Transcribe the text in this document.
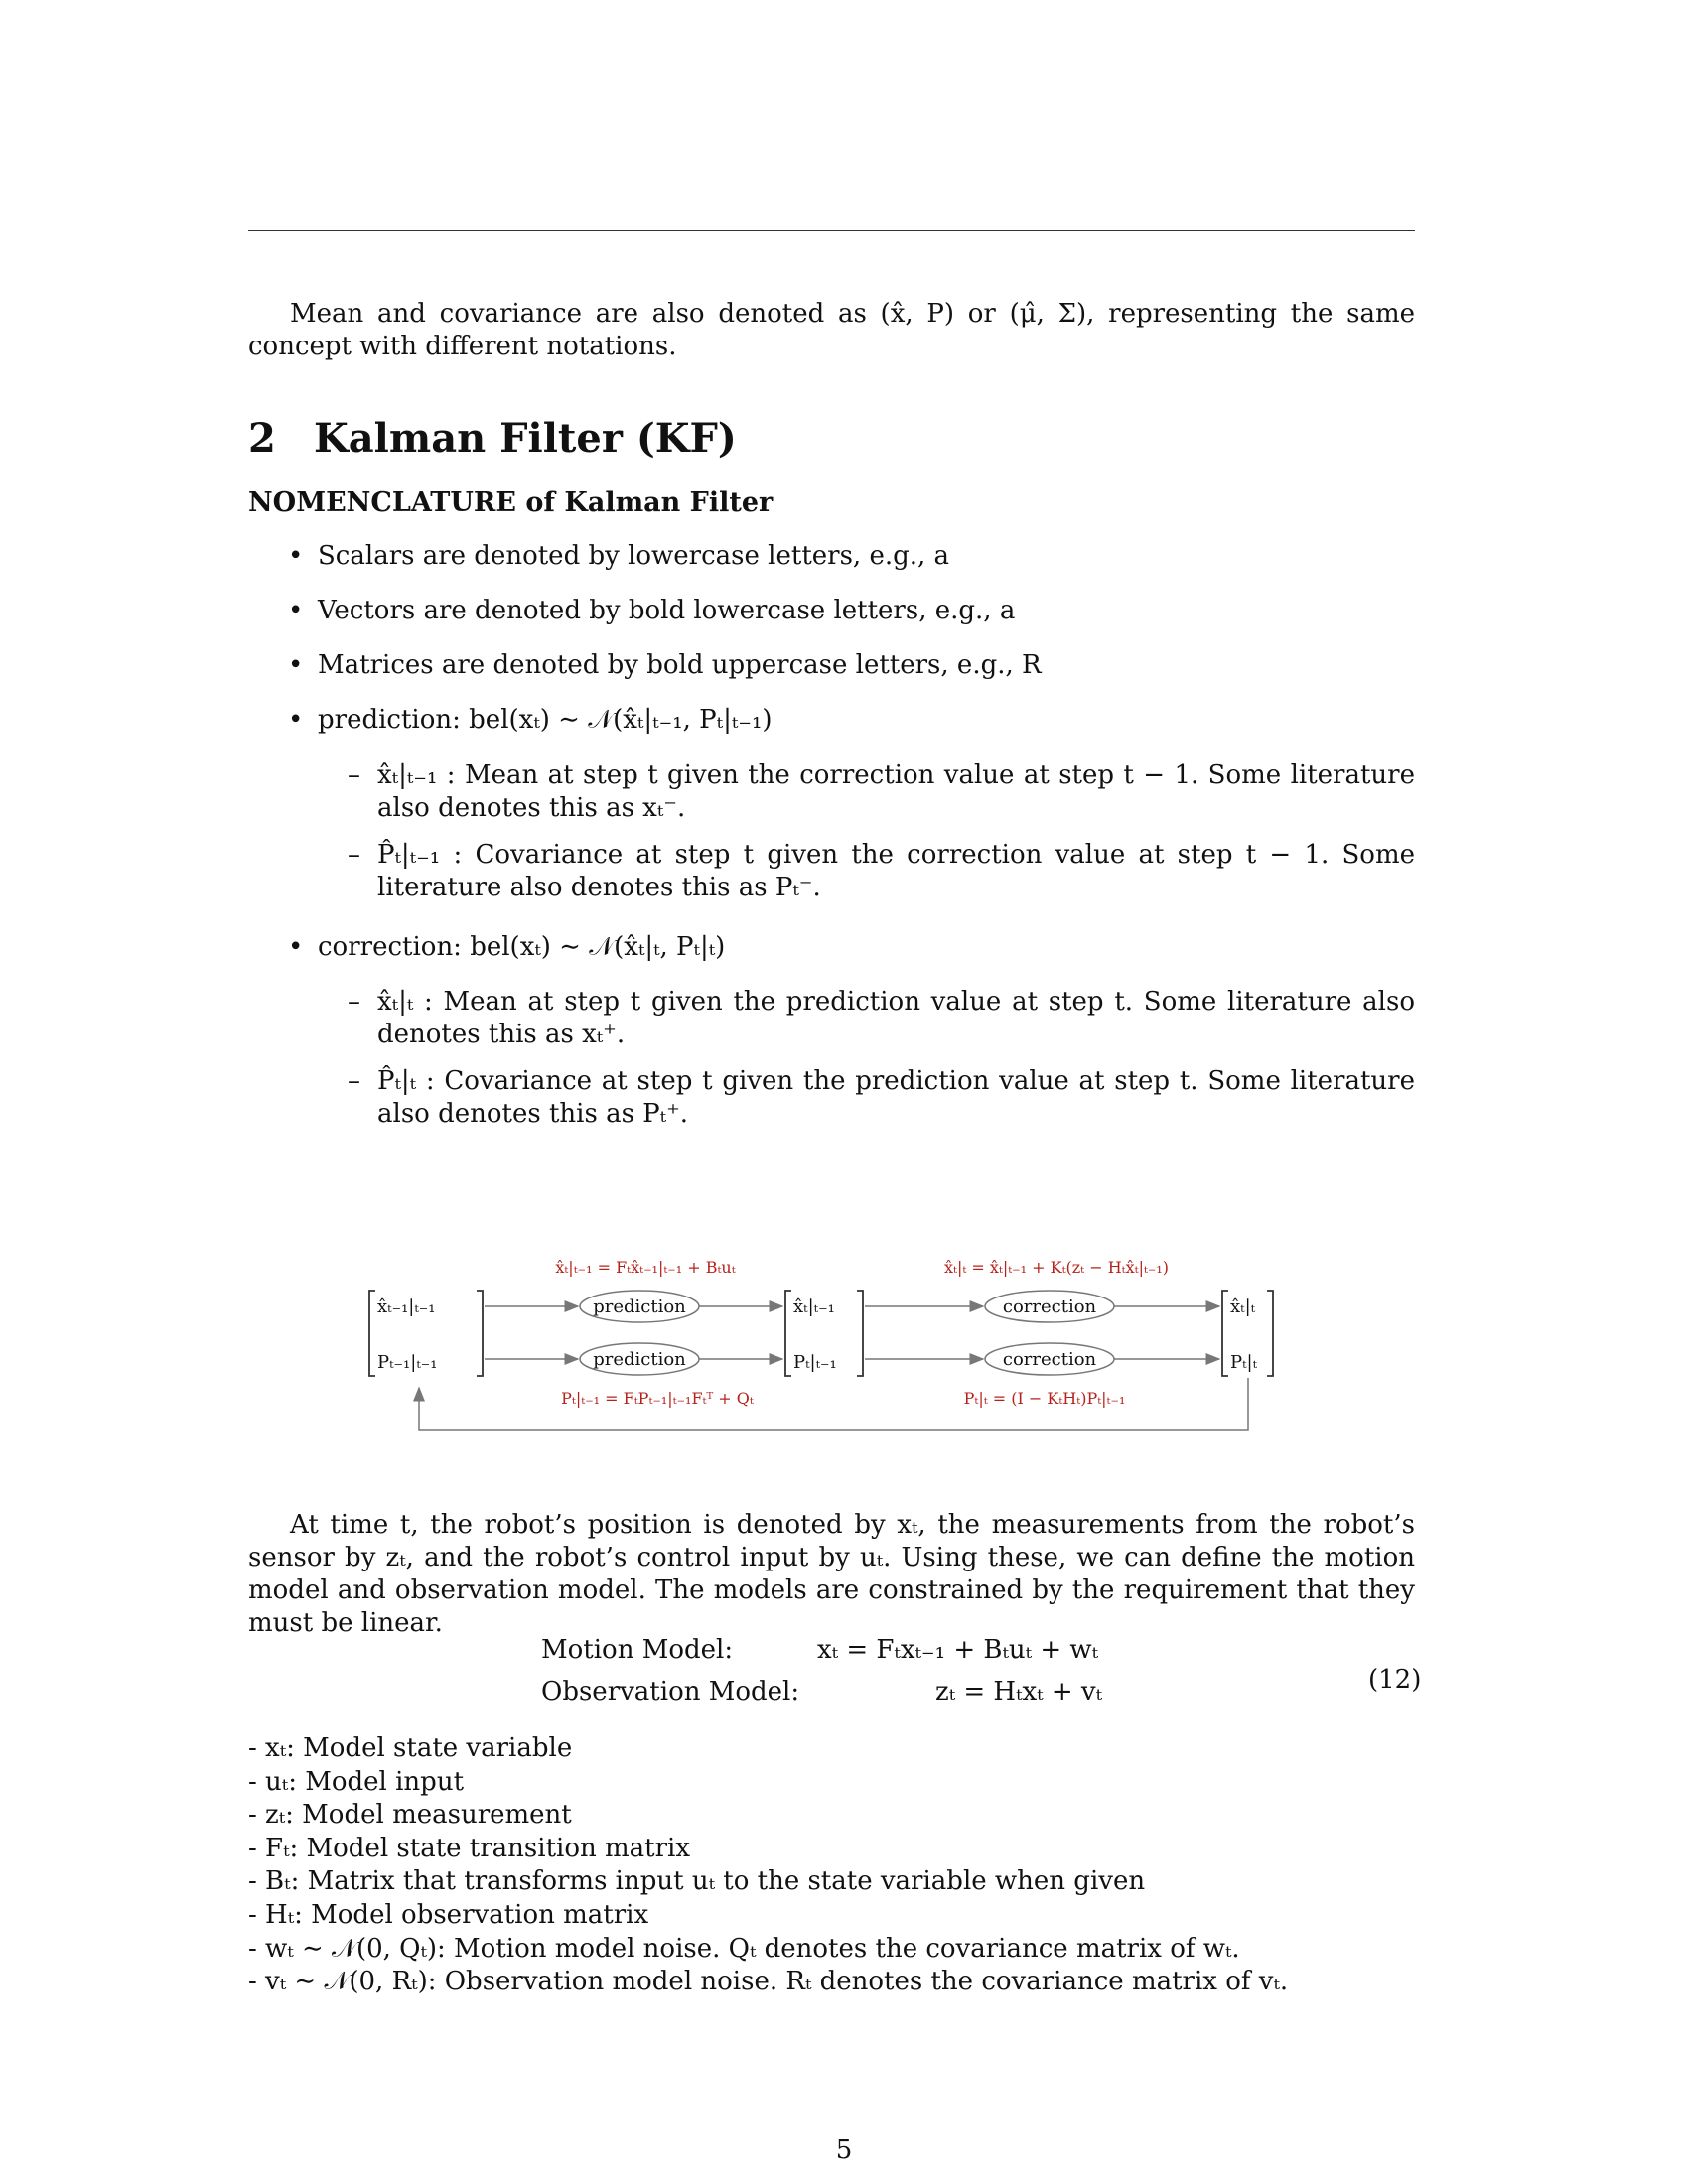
Mean and covariance are also denoted as (x̂, P) or (μ̂, Σ), representing the same concept with different notations.
2 Kalman Filter (KF)
NOMENCLATURE of Kalman Filter
• Scalars are denoted by lowercase letters, e.g., a
• Vectors are denoted by bold lowercase letters, e.g., a
• Matrices are denoted by bold uppercase letters, e.g., R
• prediction: bel(xₜ) ∼ 𝒩(x̂ₜ|ₜ₋₁, Pₜ|ₜ₋₁)
– x̂ₜ|ₜ₋₁ : Mean at step t given the correction value at step t − 1. Some literature also denotes this as xₜ⁻.
– P̂ₜ|ₜ₋₁ : Covariance at step t given the correction value at step t − 1. Some literature also denotes this as Pₜ⁻.
• correction: bel(xₜ) ∼ 𝒩(x̂ₜ|ₜ, Pₜ|ₜ)
– x̂ₜ|ₜ : Mean at step t given the prediction value at step t. Some literature also denotes this as xₜ⁺.
– P̂ₜ|ₜ : Covariance at step t given the prediction value at step t. Some literature also denotes this as Pₜ⁺.
x̂ₜ₋₁|ₜ₋₁
Pₜ₋₁|ₜ₋₁
x̂ₜ|ₜ₋₁
Pₜ|ₜ₋₁
x̂ₜ|ₜ
Pₜ|ₜ
prediction
prediction
correction
correction
x̂ₜ|ₜ₋₁ = Fₜx̂ₜ₋₁|ₜ₋₁ + Bₜuₜ
Pₜ|ₜ₋₁ = FₜPₜ₋₁|ₜ₋₁Fₜᵀ + Qₜ
x̂ₜ|ₜ = x̂ₜ|ₜ₋₁ + Kₜ(zₜ − Hₜx̂ₜ|ₜ₋₁)
Pₜ|ₜ = (I − KₜHₜ)Pₜ|ₜ₋₁
At time t, the robot’s position is denoted by xₜ, the measurements from the robot’s sensor by zₜ, and the robot’s control input by uₜ. Using these, we can define the motion model and observation model. The models are constrained by the requirement that they must be linear.
Motion Model:	xₜ = Fₜxₜ₋₁ + Bₜuₜ + wₜ
Observation Model:	zₜ = Hₜxₜ + vₜ	(12)
- xₜ: Model state variable
- uₜ: Model input
- zₜ: Model measurement
- Fₜ: Model state transition matrix
- Bₜ: Matrix that transforms input uₜ to the state variable when given
- Hₜ: Model observation matrix
- wₜ ∼ 𝒩(0, Qₜ): Motion model noise. Qₜ denotes the covariance matrix of wₜ.
- vₜ ∼ 𝒩(0, Rₜ): Observation model noise. Rₜ denotes the covariance matrix of vₜ.
5
